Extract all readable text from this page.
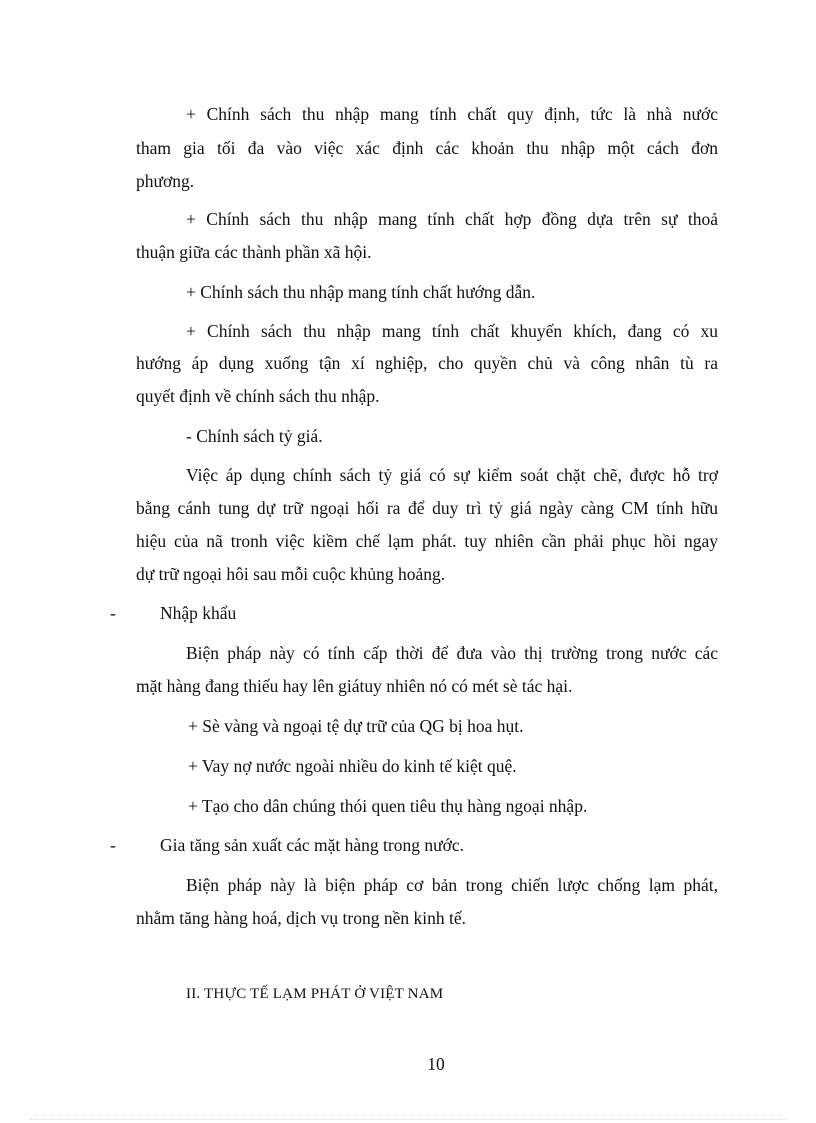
+ Chính sách thu nhập mang tính chất quy định, tức là nhà nước
tham gia tối đa vào việc xác định các khoản thu nhập một cách đơn
phương.
+ Chính sách thu nhập mang tính chất hợp đồng dựa trên sự thoả
thuận giữa các thành phần xã hội.
+ Chính sách thu nhập mang tính chất hướng dẫn.
+ Chính sách thu nhập mang tính chất khuyến khích, đang có xu
hướng áp dụng xuống tận xí nghiệp, cho quyền chủ và công nhân tù ra
quyết định về chính sách thu nhập.
- Chính sách tỷ giá.
Việc áp dụng chính sách tỷ giá có sự kiểm soát chặt chẽ, được hỗ trợ
bằng cánh tung dự trữ ngoại hối ra để duy trì tỷ giá ngày càng CM tính hữu
hiệu của nã tronh việc kiềm chế lạm phát. tuy nhiên cần phải phục hồi ngay
dự trữ ngoại hôi sau mỗi cuộc khủng hoảng.
-	Nhập khẩu
Biện pháp này có tính cấp thời để đưa vào thị trường trong nước các
mặt hàng đang thiếu hay lên giátuy nhiên nó có mét sè tác hại.
+ Sè vàng và ngoại tệ dự trữ của QG bị hoa hụt.
+ Vay nợ nước ngoài nhiều do kinh tế kiệt quệ.
+ Tạo cho dân chúng thói quen tiêu thụ hàng ngoại nhập.
-	Gia tăng sản xuất các mặt hàng trong nước.
Biện pháp này là biện pháp cơ bản trong chiến lược chống lạm phát,
nhằm tăng hàng hoá, dịch vụ trong nền kinh tế.
II. THỰC TẾ LẠM PHÁT Ở VIỆT NAM
10
